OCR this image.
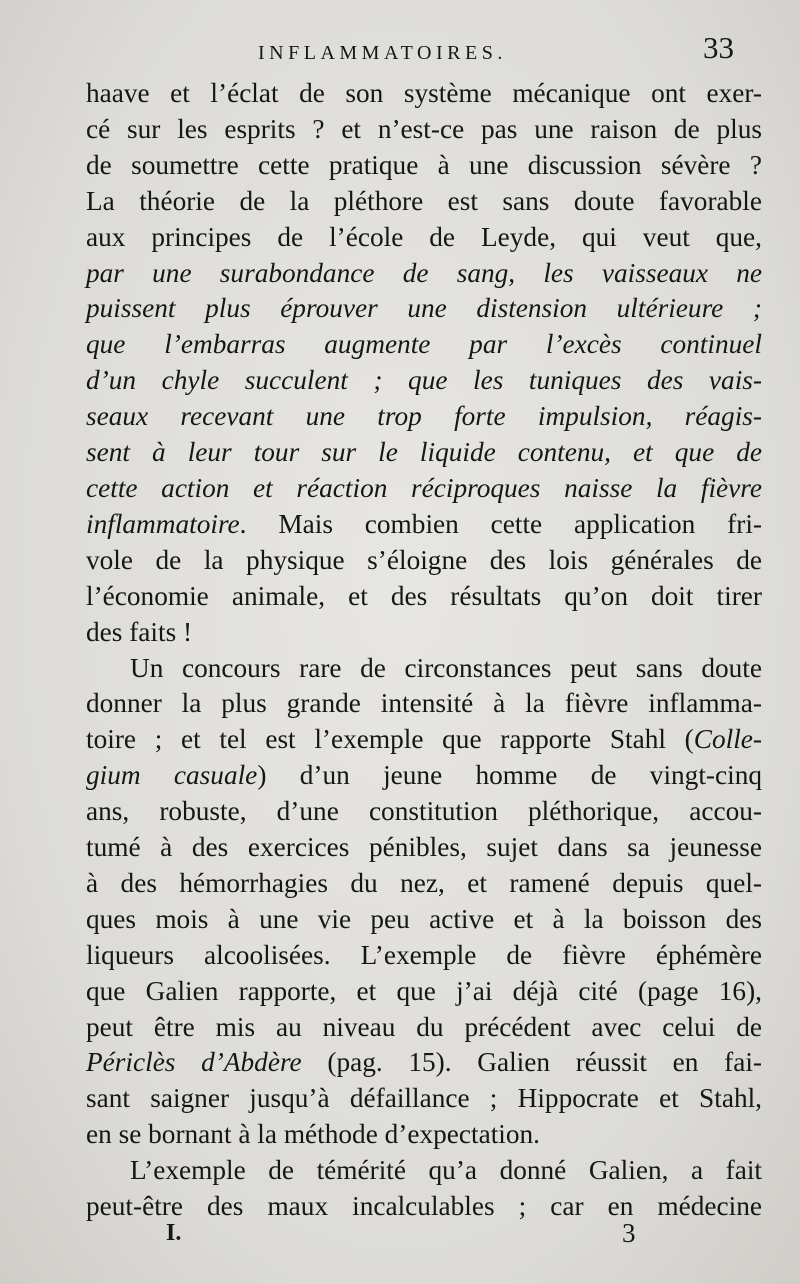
INFLAMMATOIRES.	33
haave et l’éclat de son système mécanique ont exer-
cé sur les esprits ? et n’est-ce pas une raison de plus
de soumettre cette pratique à une discussion sévère ?
La théorie de la pléthore est sans doute favorable
aux principes de l’école de Leyde, qui veut que,
par une surabondance de sang, les vaisseaux ne
puissent plus éprouver une distension ultérieure ;
que l’embarras augmente par l’excès continuel
d’un chyle succulent ; que les tuniques des vais-
seaux recevant une trop forte impulsion, réagis-
sent à leur tour sur le liquide contenu, et que de
cette action et réaction réciproques naisse la fièvre
inflammatoire. Mais combien cette application fri-
vole de la physique s’éloigne des lois générales de
l’économie animale, et des résultats qu’on doit tirer
des faits !
Un concours rare de circonstances peut sans doute
donner la plus grande intensité à la fièvre inflamma-
toire ; et tel est l’exemple que rapporte Stahl (Colle-
gium casuale) d’un jeune homme de vingt-cinq
ans, robuste, d’une constitution pléthorique, accou-
tumé à des exercices pénibles, sujet dans sa jeunesse
à des hémorrhagies du nez, et ramené depuis quel-
ques mois à une vie peu active et à la boisson des
liqueurs alcoolisées. L’exemple de fièvre éphémère
que Galien rapporte, et que j’ai déjà cité (page 16),
peut être mis au niveau du précédent avec celui de
Périclès d’Abdère (pag. 15). Galien réussit en fai-
sant saigner jusqu’à défaillance ; Hippocrate et Stahl,
en se bornant à la méthode d’expectation.
L’exemple de témérité qu’a donné Galien, a fait
peut-être des maux incalculables ; car en médecine
I.	3
